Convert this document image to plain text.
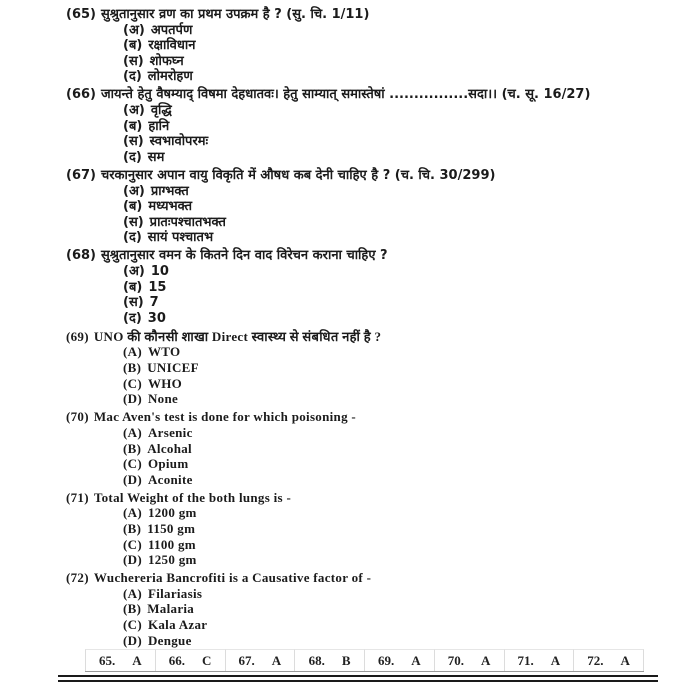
(65) सुश्रुतानुसार व्रण का प्रथम उपक्रम है ? (सु. चि. 1/11)
(अ) अपतर्पण
(ब) रक्षाविधान
(स) शोफघ्न
(द) लोमरोहण
(66) जायन्ते हेतु वैषम्याद् विषमा देहधातवः। हेतु साम्यात् समास्तेषां ................सदा।। (च. सू. 16/27)
(अ) वृद्धि
(ब) हानि
(स) स्वभावोपरमः
(द) सम
(67) चरकानुसार अपान वायु विकृति में औषध कब देनी चाहिए है ? (च. चि. 30/299)
(अ) प्राग्भक्त
(ब) मध्यभक्त
(स) प्रातःपश्चातभक्त
(द) सायं पश्चातभ
(68) सुश्रुतानुसार वमन के कितने दिन वाद विरेचन कराना चाहिए ?
(अ) 10
(ब) 15
(स) 7
(द) 30
(69) UNO की कौनसी शाखा Direct स्वास्थ्य से संबधित नहीं है ?
(A) WTO
(B) UNICEF
(C) WHO
(D) None
(70) Mac Aven's test is done for which poisoning -
(A) Arsenic
(B) Alcohal
(C) Opium
(D) Aconite
(71) Total Weight of the both lungs is -
(A) 1200 gm
(B) 1150 gm
(C) 1100 gm
(D) 1250 gm
(72) Wuchereria Bancrofiti is a Causative factor of -
(A) Filariasis
(B) Malaria
(C) Kala Azar
(D) Dengue
65. A 66. C 67. A 68. B 69. A 70. A 71. A 72. A
